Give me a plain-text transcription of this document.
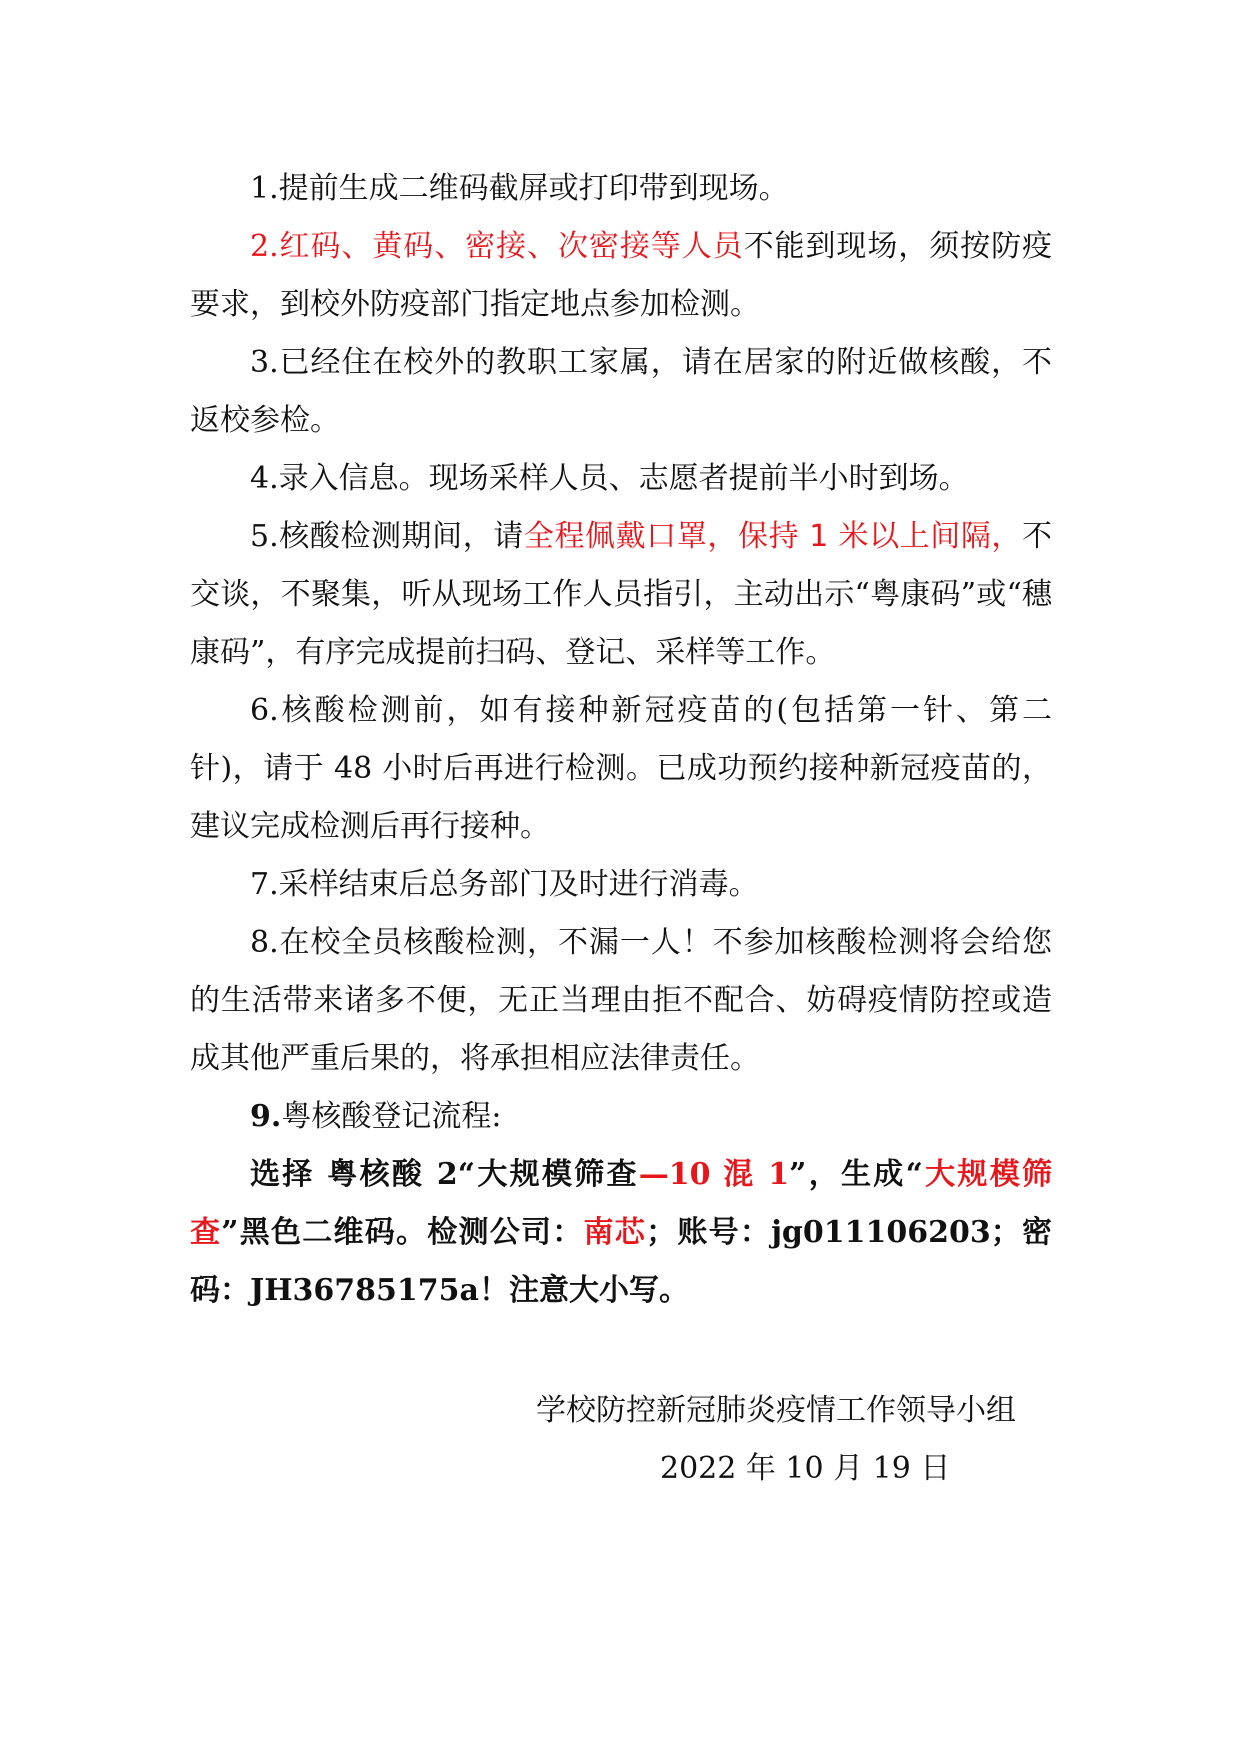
1.提前生成二维码截屏或打印带到现场。

2.红码、黄码、密接、次密接等人员不能到现场，须按防疫要求，到校外防疫部门指定地点参加检测。

3.已经住在校外的教职工家属，请在居家的附近做核酸，不返校参检。

4.录入信息。现场采样人员、志愿者提前半小时到场。

5.核酸检测期间，请全程佩戴口罩，保持 1 米以上间隔，不交谈，不聚集，听从现场工作人员指引，主动出示“粤康码”或“穗康码”，有序完成提前扫码、登记、采样等工作。

6.核酸检测前，如有接种新冠疫苗的(包括第一针、第二针)，请于 48 小时后再进行检测。已成功预约接种新冠疫苗的，建议完成检测后再行接种。

7.采样结束后总务部门及时进行消毒。

8.在校全员核酸检测，不漏一人！不参加核酸检测将会给您的生活带来诸多不便，无正当理由拒不配合、妨碍疫情防控或造成其他严重后果的，将承担相应法律责任。

9.粤核酸登记流程:

选择 粤核酸 2“大规模筛查—10 混 1”，生成“大规模筛查”黑色二维码。检测公司：南芯；账号：jg011106203；密码：JH36785175a！注意大小写。

学校防控新冠肺炎疫情工作领导小组
2022 年 10 月 19 日
